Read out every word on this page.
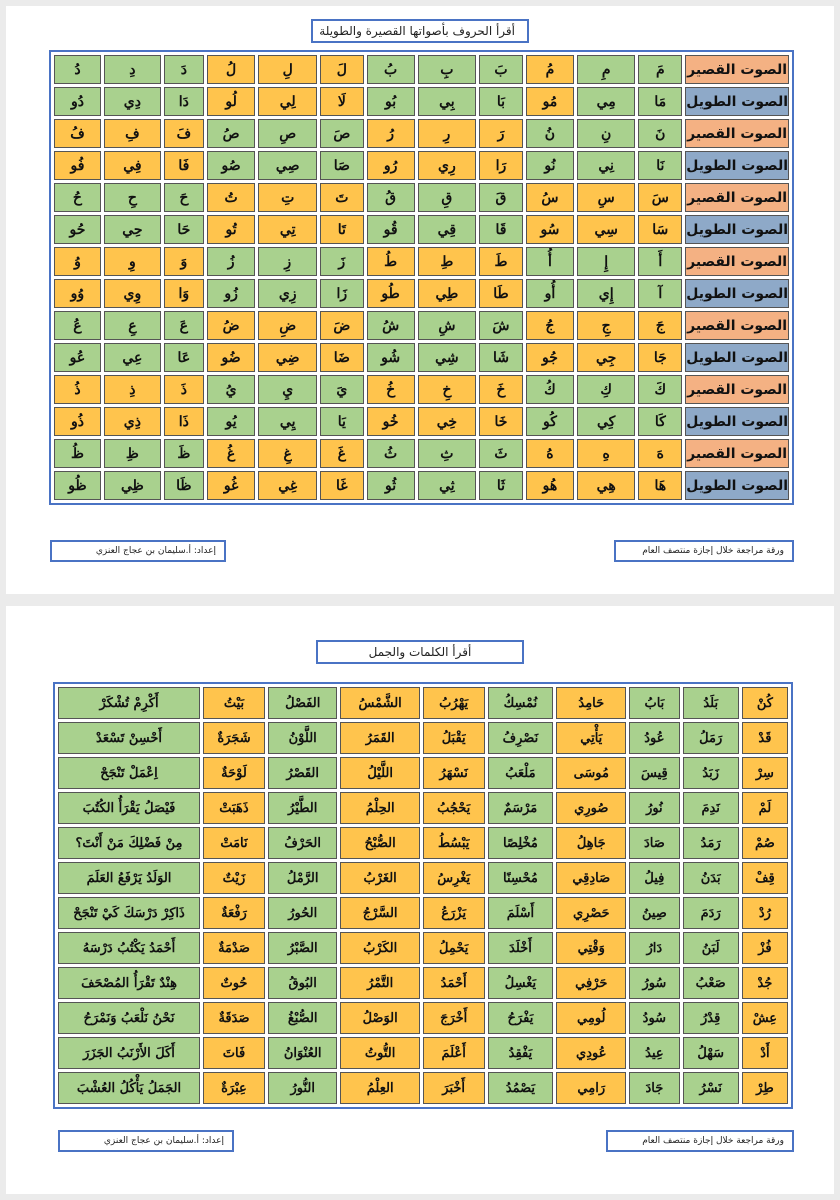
أقرأ الحروف بأصواتها القصيرة والطويلة
الصوت القصير	مَ	مِ	مُ	بَ	بِ	بُ	لَ	لِ	لُ	دَ	دِ	دُ
الصوت الطويل	مَا	مِي	مُو	بَا	بِي	بُو	لَا	لِي	لُو	دَا	دِي	دُو
الصوت القصير	نَ	نِ	نُ	رَ	رِ	رُ	صَ	صِ	صُ	فَ	فِ	فُ
الصوت الطويل	نَا	نِي	نُو	رَا	رِي	رُو	صَا	صِي	صُو	فَا	فِي	فُو
الصوت القصير	سَ	سِ	سُ	قَ	قِ	قُ	تَ	تِ	تُ	حَ	حِ	حُ
الصوت الطويل	سَا	سِي	سُو	قَا	قِي	قُو	تَا	تِي	تُو	حَا	حِي	حُو
الصوت القصير	أَ	إِ	أُ	طَ	طِ	طُ	زَ	زِ	زُ	وَ	وِ	وُ
الصوت الطويل	آ	إِي	أُو	طَا	طِي	طُو	زَا	زِي	زُو	وَا	وِي	وُو
الصوت القصير	جَ	جِ	جُ	شَ	شِ	شُ	ضَ	ضِ	ضُ	عَ	عِ	عُ
الصوت الطويل	جَا	جِي	جُو	شَا	شِي	شُو	ضَا	ضِي	ضُو	عَا	عِي	عُو
الصوت القصير	كَ	كِ	كُ	خَ	خِ	خُ	يَ	يِ	يُ	ذَ	ذِ	ذُ
الصوت الطويل	كَا	كِي	كُو	خَا	خِي	خُو	يَا	يِي	يُو	ذَا	ذِي	ذُو
الصوت القصير	هَ	هِ	هُ	ثَ	ثِ	ثُ	غَ	غِ	غُ	ظَ	ظِ	ظُ
الصوت الطويل	هَا	هِي	هُو	ثَا	ثِي	ثُو	غَا	غِي	غُو	ظَا	ظِي	ظُو
ورقة مراجعة خلال إجازة منتصف العام
إعداد: أ.سليمان بن عجاج العنزي
أقرأ الكلمات والجمل
كُنْ	بَلَدُ	بَابُ	حَامِدُ	نُمْسِكُ	يَهْرُبُ	الشَّمْسُ	الفَصْلُ	بَيْتُ	أَكْرِمْ تُشْكَرْ
قَدْ	رَمَلُ	عُودُ	يَأْتِي	نَصْرِفُ	يَقْبَلُ	القَمَرُ	اللَّوْنُ	شَجَرَةٌ	أَحْسِنْ تَسْعَدْ
سِرْ	زَبَدُ	قِيسَ	مُوسَى	مَلْعَبُ	نَسْهَرُ	اللَّيْلُ	القَصْرُ	لَوْحَةٌ	اِعْمَلْ تَنْجَحْ
لَمْ	نَدِمَ	نُورُ	صُورِي	مَرْسَمٌ	يَحْجُبُ	الحِلْمُ	الطَّيْرُ	ذَهَبَتْ	فَيْصَلُ يَقْرَأُ الكُتُبَ
صُمْ	رَمَدُ	صَادَ	جَاهِلُ	مُخْلِصًا	يَبْسُطُ	الصُّبْحُ	الحَرْفُ	نَامَتْ	مِنْ فَضْلِكَ مَنْ أَنْتَ؟
قِفْ	بَدَنُ	فِيلُ	صَادِقِي	مُحْسِنًا	يَغْرِسُ	الغَرْبُ	الرَّمْلُ	زَيْتٌ	الوَلَدُ يَرْفَعُ العَلَمَ
رُدْ	رَدَمَ	صِينُ	حَصْرِي	أَسْلَمَ	يَزْرَعُ	السَّرْجُ	الحُورُ	رَفْعَةٌ	ذَاكِرْ دَرْسَكَ كَيْ تَنْجَحْ
فُزْ	لَبَنُ	دَارُ	وَقْتِي	أَخْلَدَ	يَحْمِلُ	الكَرْبُ	الصَّبْرُ	صَدْمَةٌ	أَحْمَدُ يَكْتُبُ دَرْسَهُ
جُدْ	صَعْبُ	سُورُ	حَرْفِي	يَغْسِلُ	أَحْمَدُ	التَّمْرُ	البُوقُ	حُوتٌ	هِنْدٌ تَقْرَأُ المُصْحَفَ
عِشْ	قِدْرُ	سُودُ	لُومِي	يَفْرَحُ	أَخْرَجَ	الوَصْلُ	الصُّبْغُ	صَدَقَةٌ	نَحْنُ نَلْعَبُ وَنَمْرَحُ
أَدْ	سَهْلُ	عِيدُ	عُودِي	يَفْقِدُ	أَعْلَمَ	التُّوتُ	العُنْوَانُ	فَاتَ	أَكَلَ الأَرْنَبُ الجَزَرَ
طِرْ	نَسْرُ	جَادَ	رَامِي	يَصْمُدُ	أَخْبَرَ	العِلْمُ	النُّورُ	عِبْرَةٌ	الجَمَلُ يَأْكُلُ العُشْبَ
ورقة مراجعة خلال إجازة منتصف العام
إعداد: أ.سليمان بن عجاج العنزي
